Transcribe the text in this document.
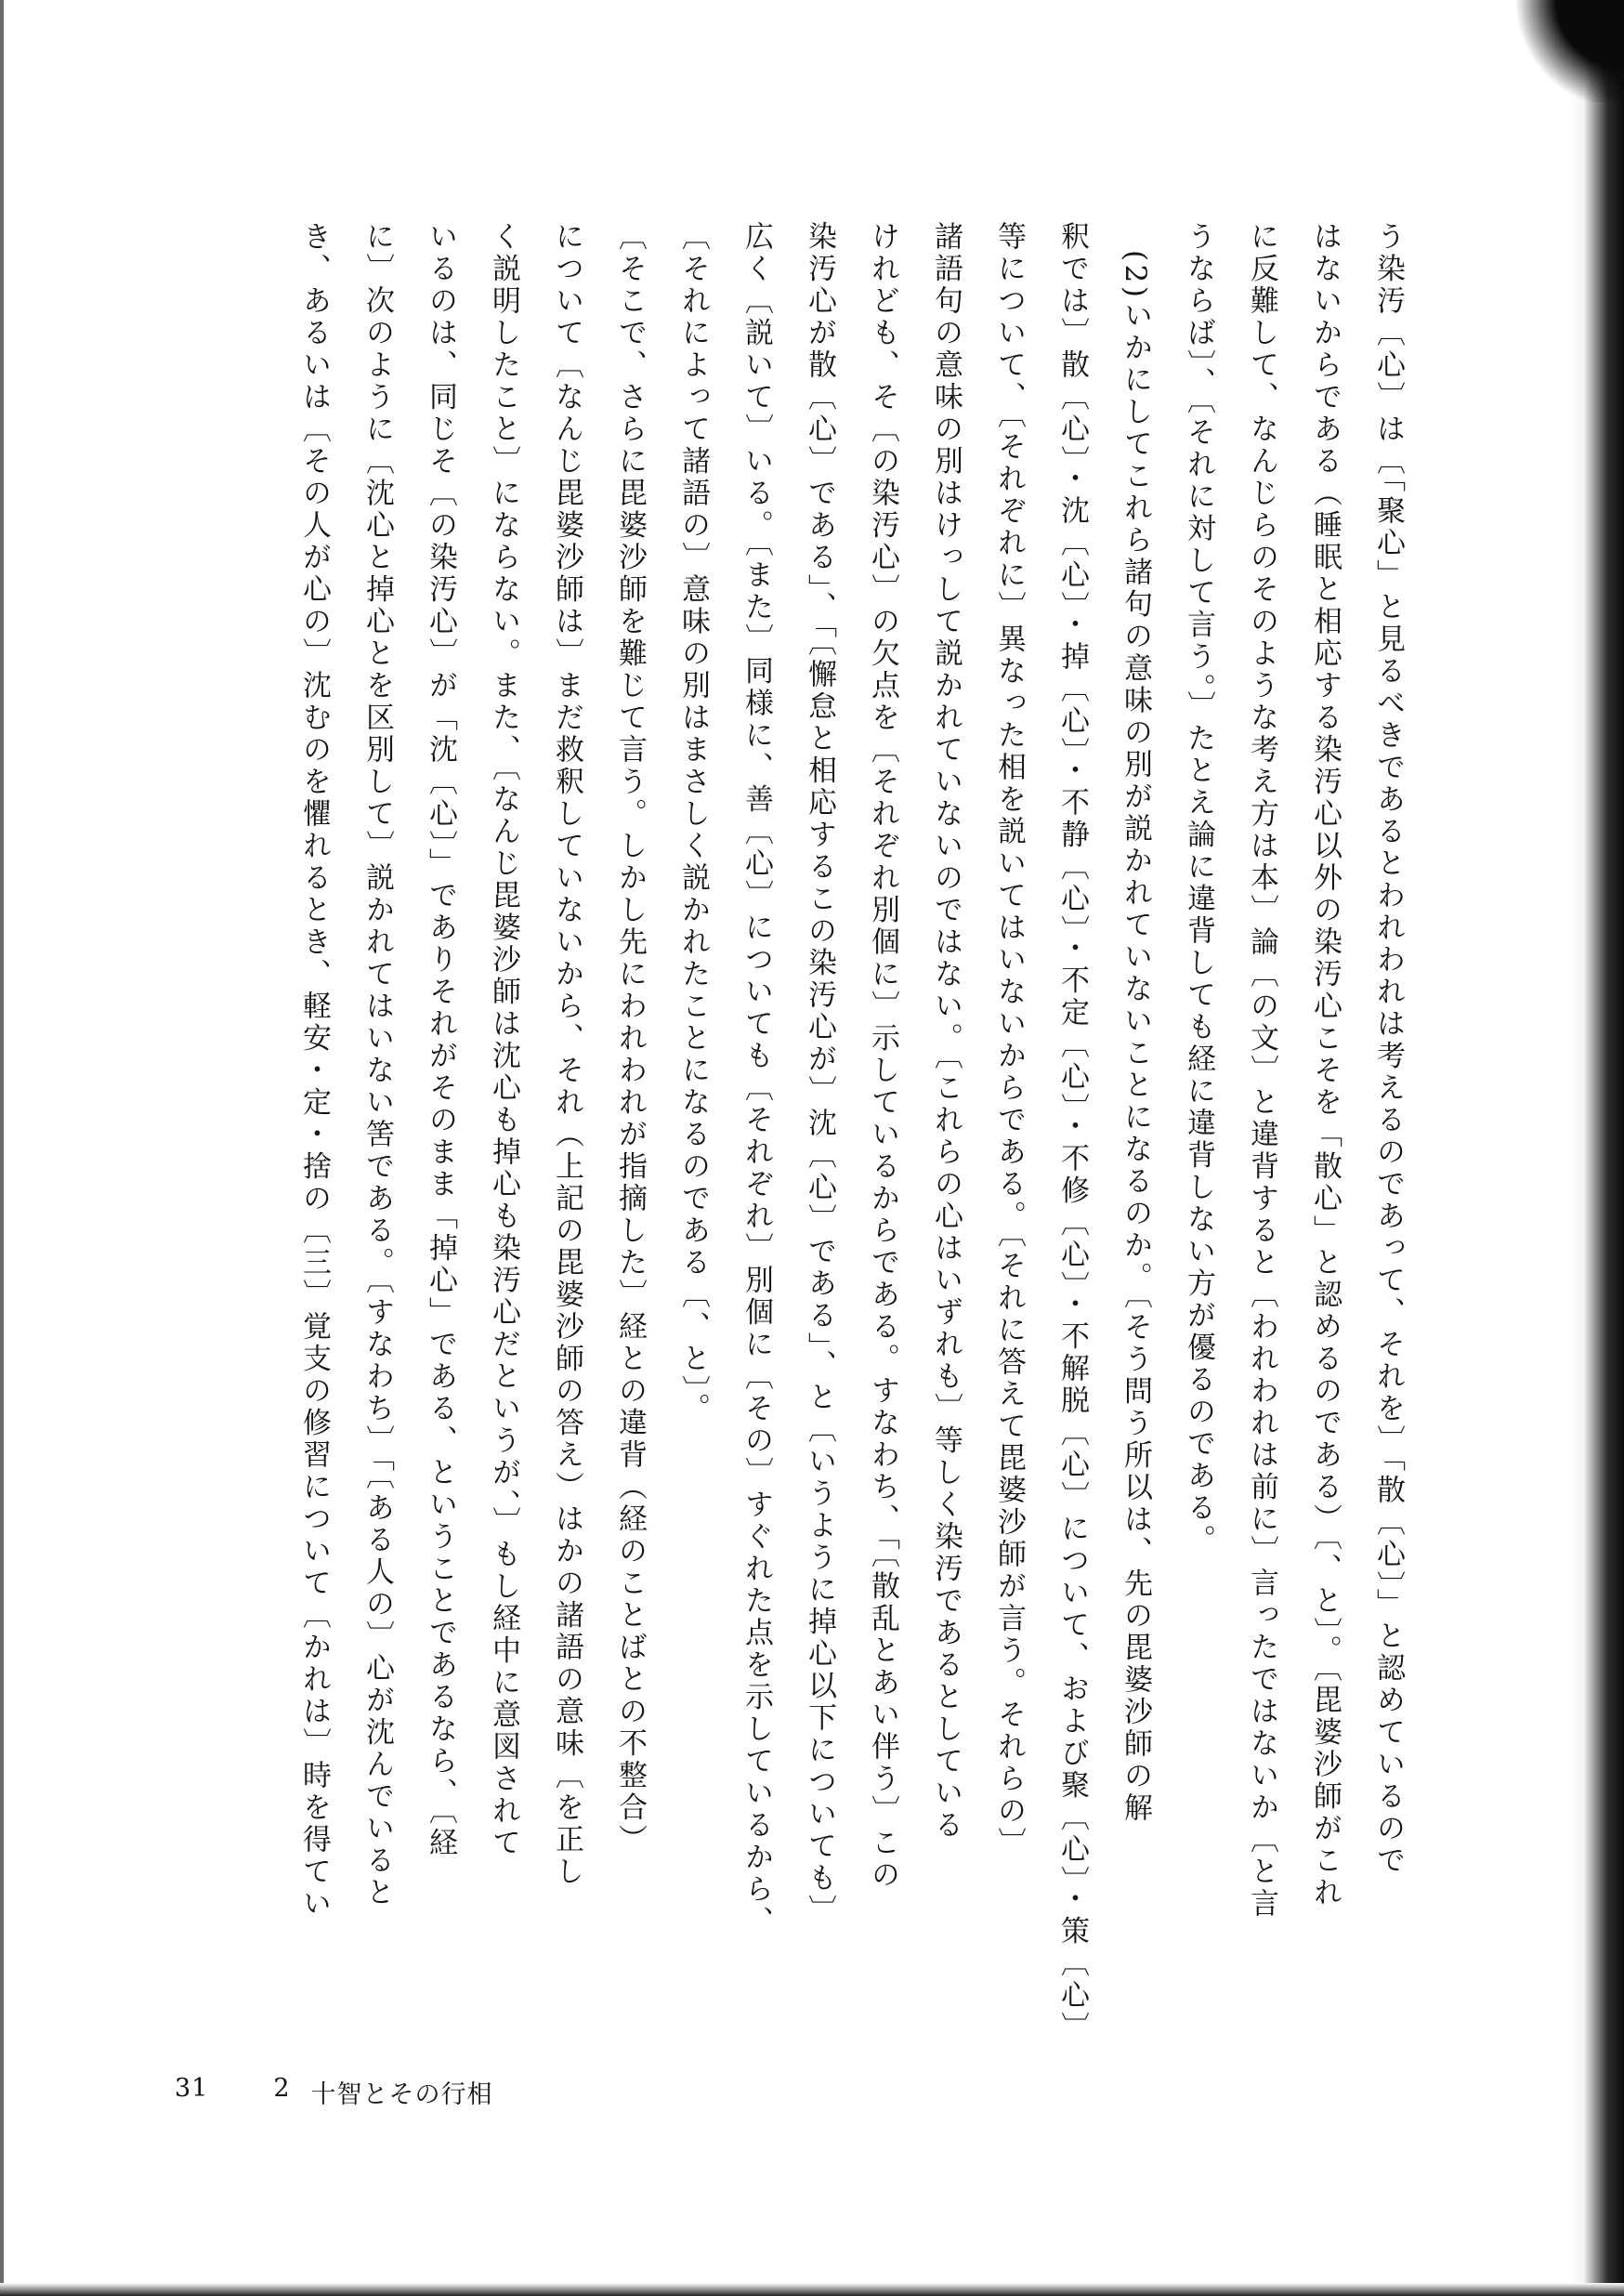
う染汚〔心〕は〔「聚心」と見るべきであるとわれわれは考えるのであって、それを〕「散〔心〕」と認めているので
はないからである（睡眠と相応する染汚心以外の染汚心こそを「散心」と認めるのである）〔、と〕。〔毘婆沙師がこれ
に反難して、なんじらのそのような考え方は本〕論〔の文〕と違背すると〔われわれは前に〕言ったではないか〔と言
うならば〕、〔それに対して言う。〕たとえ論に違背しても経に違背しない方が優るのである。
(2)いかにしてこれら諸句の意味の別が説かれていないことになるのか。〔そう問う所以は、先の毘婆沙師の解
釈では〕散〔心〕・沈〔心〕・掉〔心〕・不静〔心〕・不定〔心〕・不修〔心〕・不解脱〔心〕について、および聚〔心〕・策〔心〕
等について、〔それぞれに〕異なった相を説いてはいないからである。〔それに答えて毘婆沙師が言う。それらの〕
諸語句の意味の別はけっして説かれていないのではない。〔これらの心はいずれも〕等しく染汚であるとしている
けれども、そ〔の染汚心〕の欠点を〔それぞれ別個に〕示しているからである。すなわち、「〔散乱とあい伴う〕この
染汚心が散〔心〕である」、「〔懈怠と相応するこの染汚心が〕沈〔心〕である」、と〔いうように掉心以下についても〕
広く〔説いて〕いる。〔また〕同様に、善〔心〕についても〔それぞれ〕別個に〔その〕すぐれた点を示しているから、
〔それによって諸語の〕意味の別はまさしく説かれたことになるのである〔、と〕。
〔そこで、さらに毘婆沙師を難じて言う。しかし先にわれわれが指摘した〕経との違背（経のことばとの不整合）
について〔なんじ毘婆沙師は〕まだ救釈していないから、それ（上記の毘婆沙師の答え）はかの諸語の意味〔を正し
く説明したこと〕にならない。また、〔なんじ毘婆沙師は沈心も掉心も染汚心だというが、〕もし経中に意図されて
いるのは、同じそ〔の染汚心〕が「沈〔心〕」でありそれがそのまま「掉心」である、ということであるなら、〔経
に〕次のように〔沈心と掉心とを区別して〕説かれてはいない筈である。〔すなわち〕「〔ある人の〕心が沈んでいると
き、あるいは〔その人が心の〕沈むのを懼れるとき、軽安・定・捨の〔三〕覚支の修習について〔かれは〕時を得てい
31	2 十智とその行相
